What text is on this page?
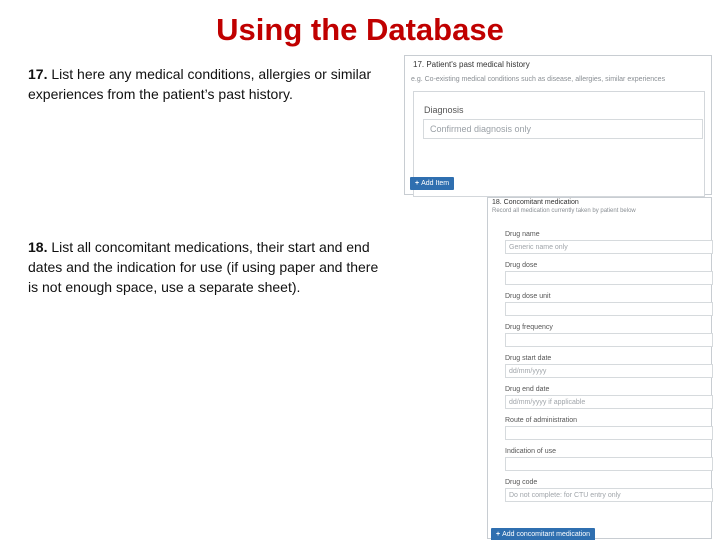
Using the Database
17. List here any medical conditions, allergies or similar experiences from the patient’s past history.
18. List all concomitant medications, their start and end dates and the indication for use (if using paper and there is not enough space, use a separate sheet).
17. Patient's past medical history
e.g. Co-existing medical conditions such as disease, allergies, similar experiences
Diagnosis
Confirmed diagnosis only
+ Add Item
18. Concomitant medication
Record all medication currently taken by patient below
Drug name
Generic name only
Drug dose
Drug dose unit
Drug frequency
Drug start date
dd/mm/yyyy
Drug end date
dd/mm/yyyy if applicable
Route of administration
Indication of use
Drug code
Do not complete: for CTU entry only
+ Add concomitant medication
